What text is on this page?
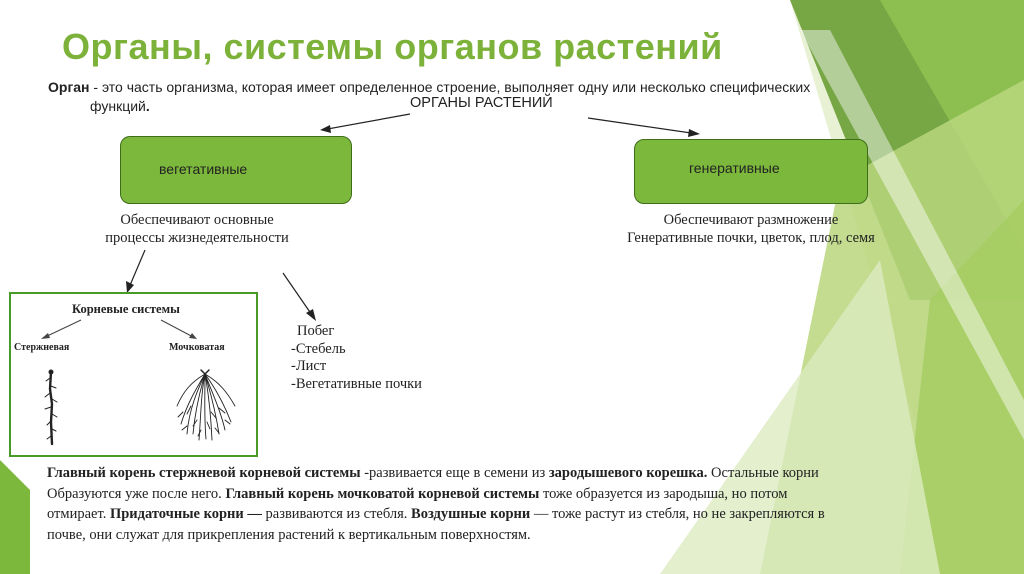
Органы, системы органов растений
Орган - это часть организма, которая имеет определенное строение, выполняет одну или несколько специфических
функций.	ОРГАНЫ РАСТЕНИЙ
вегетативные	генеративные
Обеспечивают основные
процессы жизнедеятельности
Обеспечивают размножение
Генеративные почки, цветок, плод, семя
Корневые системы
Стержневая	Мочковатая
Побег
-Стебель
-Лист
-Вегетативные почки
Главный корень стержневой корневой системы -развивается еще в семени из зародышевого корешка. Остальные корни
Образуются уже после него. Главный корень мочковатой корневой системы тоже образуется из зародыша, но потом
отмирает. Придаточные корни — развиваются из стебля. Воздушные корни — тоже растут из стебля, но не закрепляются в
почве, они служат для прикрепления растений к вертикальным поверхностям.
